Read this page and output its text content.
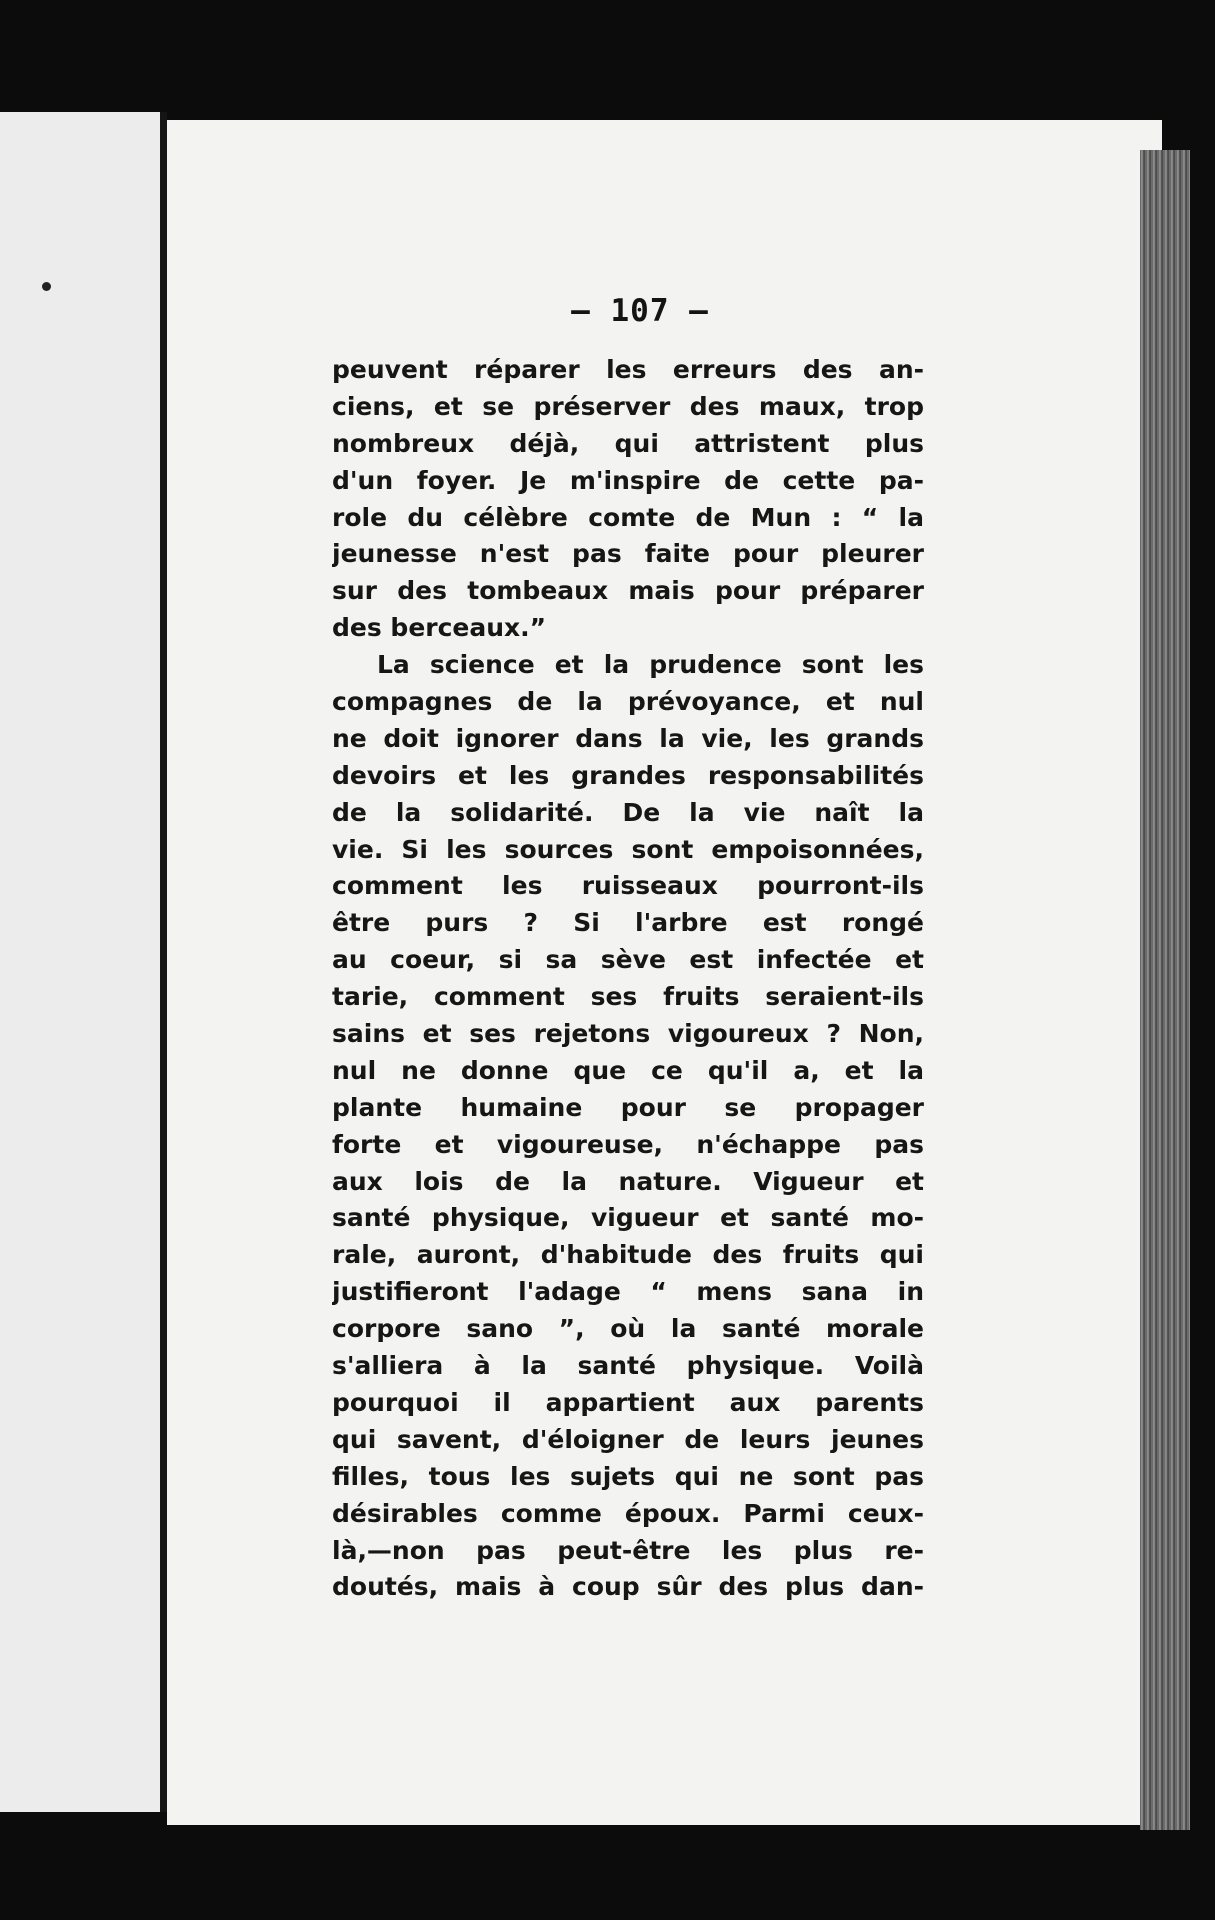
— 107 —
peuvent réparer les erreurs des an-
ciens, et se préserver des maux, trop
nombreux déjà, qui attristent plus
d'un foyer. Je m'inspire de cette pa-
role du célèbre comte de Mun : “ la
jeunesse n'est pas faite pour pleurer
sur des tombeaux mais pour préparer
des berceaux.”
La science et la prudence sont les
compagnes de la prévoyance, et nul
ne doit ignorer dans la vie, les grands
devoirs et les grandes responsabilités
de la solidarité. De la vie naît la
vie. Si les sources sont empoisonnées,
comment les ruisseaux pourront-ils
être purs ? Si l'arbre est rongé
au coeur, si sa sève est infectée et
tarie, comment ses fruits seraient-ils
sains et ses rejetons vigoureux ? Non,
nul ne donne que ce qu'il a, et la
plante humaine pour se propager
forte et vigoureuse, n'échappe pas
aux lois de la nature. Vigueur et
santé physique, vigueur et santé mo-
rale, auront, d'habitude des fruits qui
justifieront l'adage “ mens sana in
corpore sano ”, où la santé morale
s'alliera à la santé physique. Voilà
pourquoi il appartient aux parents
qui savent, d'éloigner de leurs jeunes
filles, tous les sujets qui ne sont pas
désirables comme époux. Parmi ceux-
là,—non pas peut-être les plus re-
doutés, mais à coup sûr des plus dan-
